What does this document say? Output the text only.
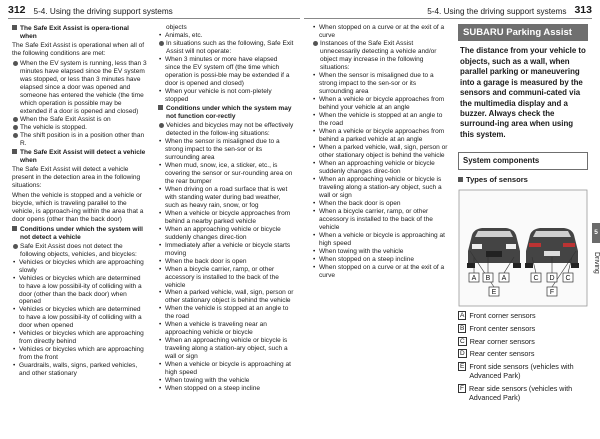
312 5-4. Using the driving support systems	5-4. Using the driving support systems 313
The Safe Exit Assist is opera-tional when
The Safe Exit Assist is operational when all of the following conditions are met:
When the EV system is running, less than 3 minutes have elapsed since the EV system was stopped, or less than 3 minutes have elapsed since a door was opened and someone has entered the vehicle (the time which operation is possible may be extended if a door is opened and closed)
When the Safe Exit Assist is on
The vehicle is stopped.
The shift position is in a position other than R.
The Safe Exit Assist will detect a vehicle when
The Safe Exit Assist will detect a vehicle present in the detection area in the following situations:
When the vehicle is stopped and a vehicle or bicycle, which is traveling parallel to the vehicle, is approach-ing within the area that a door opens (other than the back door)
Conditions under which the system will not detect a vehicle
Safe Exit Assist does not detect the following objects, vehicles, and bicycles:
• Vehicles or bicycles which are approaching slowly
• Vehicles or bicycles which are determined to have a low possibil-ity of colliding with a door (other than the back door) when opened
• Vehicles or bicycles which are determined to have a low possibil-ity of colliding with a door when opened
• Vehicles or bicycles which are approaching from directly behind
• Vehicles or bicycles which are approaching from the front
• Guardrails, walls, signs, parked vehicles, and other stationary
objects
• Animals, etc.
In situations such as the following, Safe Exit Assist will not operate:
• When 3 minutes or more have elapsed since the EV system off (the time which operation is possi-ble may be extended if a door is opened and closed)
• When your vehicle is not com-pletely stopped
Conditions under which the system may not function cor-rectly
Vehicles and bicycles may not be effectively detected in the follow-ing situations:
• When the sensor is misaligned due to a strong impact to the sen-sor or its surrounding area
• When mud, snow, ice, a sticker, etc., is covering the sensor or sur-rounding area on the rear bumper
• When driving on a road surface that is wet with standing water during bad weather, such as heavy rain, snow, or fog
• When a vehicle or bicycle approaches from behind a nearby parked vehicle
• When an approaching vehicle or bicycle suddenly changes direc-tion
• Immediately after a vehicle or bicycle starts moving
• When the back door is open
• When a bicycle carrier, ramp, or other accessory is installed to the back of the vehicle
• When a parked vehicle, wall, sign, person or other stationary object is behind the vehicle
• When the vehicle is stopped at an angle to the road
• When a vehicle is traveling near an approaching vehicle or bicycle
• When an approaching vehicle or bicycle is traveling along a station-ary object, such a wall or sign
• When a vehicle or bicycle is approaching at high speed
• When towing with the vehicle
• When stopped on a steep incline
• When stopped on a curve or at the exit of a curve
Instances of the Safe Exit Assist unnecessarily detecting a vehicle and/or object may increase in the following situations:
• When the sensor is misaligned due to a strong impact to the sen-sor or its surrounding area
• When a vehicle or bicycle approaches from behind your vehicle at an angle
• When the vehicle is stopped at an angle to the road
• When a vehicle or bicycle approaches from behind a parked vehicle at an angle
• When a parked vehicle, wall, sign, person or other stationary object is behind the vehicle
• When an approaching vehicle or bicycle suddenly changes direc-tion
• When an approaching vehicle or bicycle is traveling along a station-ary object, such a wall or sign
• When the back door is open
• When a bicycle carrier, ramp, or other accessory is installed to the back of the vehicle
• When a vehicle or bicycle is approaching at high speed
• When towing with the vehicle
• When stopped on a steep incline
• When stopped on a curve or at the exit of a curve
SUBARU Parking Assist
The distance from your vehicle to objects, such as a wall, when parallel parking or maneuvering into a garage is measured by the sensors and communi-cated via the multimedia display and a buzzer. Always check the surround-ing area when using this system.
System components
Types of sensors
A B A	C D C
E	F
A Front corner sensors
B Front center sensors
C Rear corner sensors
D Rear center sensors
E Front side sensors (vehicles with Advanced Park)
F Rear side sensors (vehicles with Advanced Park)
5
Driving
